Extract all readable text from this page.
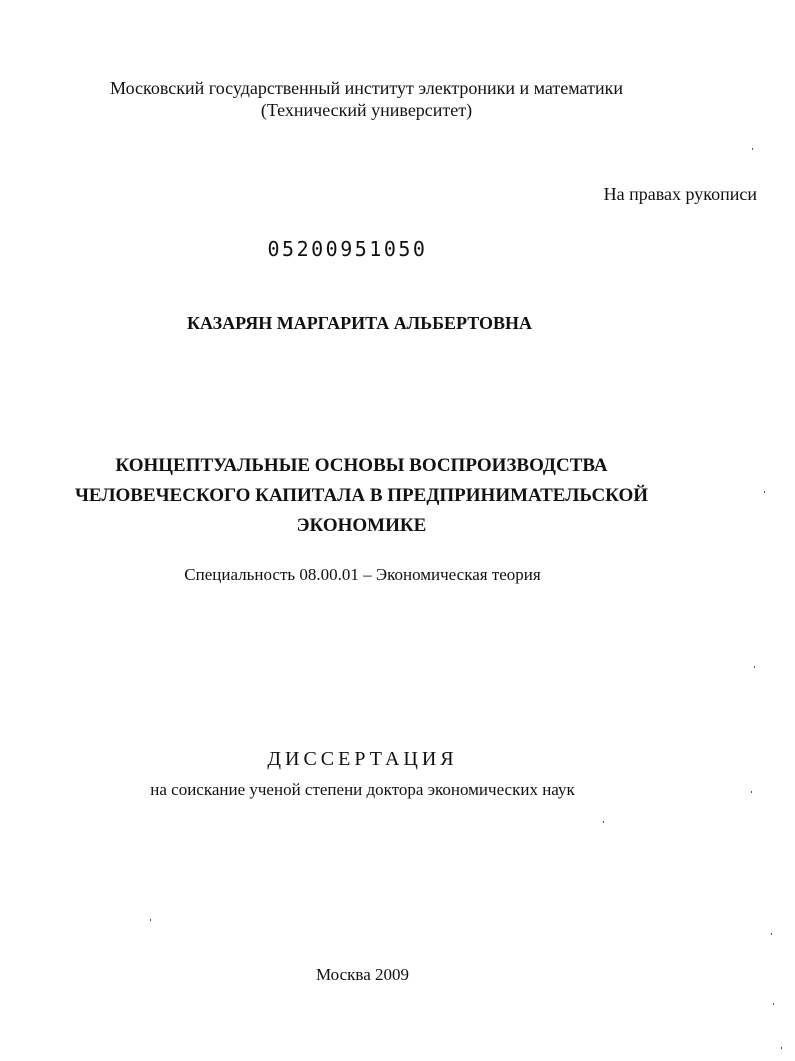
Московский государственный институт электроники и математики
(Технический университет)
На правах рукописи
05200951050
КАЗАРЯН МАРГАРИТА АЛЬБЕРТОВНА
КОНЦЕПТУАЛЬНЫЕ ОСНОВЫ ВОСПРОИЗВОДСТВА
ЧЕЛОВЕЧЕСКОГО КАПИТАЛА В ПРЕДПРИНИМАТЕЛЬСКОЙ
ЭКОНОМИКЕ
Специальность 08.00.01 – Экономическая теория
ДИССЕРТАЦИЯ
на соискание ученой степени доктора экономических наук
Москва 2009
